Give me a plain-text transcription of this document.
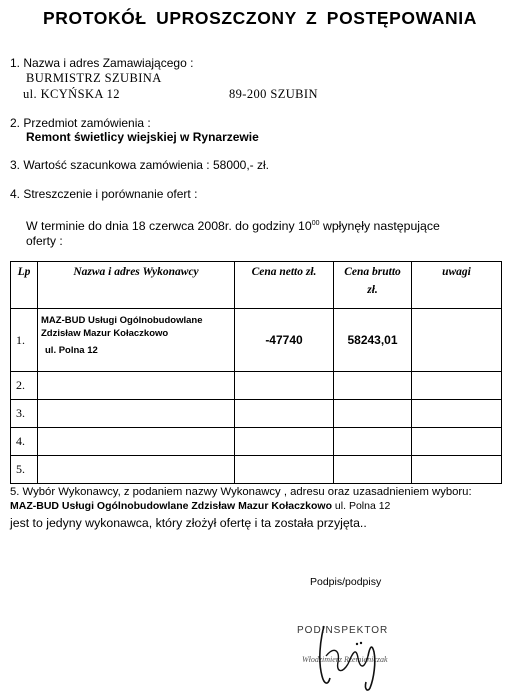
PROTOKÓŁ UPROSZCZONY Z POSTĘPOWANIA
1. Nazwa i adres Zamawiającego :
BURMISTRZ SZUBINA
ul. KCYŃSKA 12	89-200 SZUBIN
2. Przedmiot zamówienia :
Remont świetlicy wiejskiej w Rynarzewie
3. Wartość szacunkowa zamówienia : 58000,- zł.
4. Streszczenie i porównanie ofert :
W terminie do dnia 18 czerwca 2008r. do godziny $10^{00}$ wpłynęły następujące
oferty :
Lp	Nazwa i adres Wykonawcy	Cena netto zł.	Cena brutto
zł.	uwagi
1.	MAZ-BUD Usługi Ogólnobudowlane
Zdzisław Mazur Kołaczkowo
ul. Polna 12	-47740	58243,01	
2.				
3.				
4.				
5.				
5. Wybór Wykonawcy, z podaniem nazwy Wykonawcy , adresu oraz uzasadnieniem wyboru:
MAZ-BUD Usługi Ogólnobudowlane Zdzisław Mazur Kołaczkowo ul. Polna 12
jest to jedyny wykonawca, który złożył ofertę i ta została przyjęta..
Podpis/podpisy
PODINSPEKTOR
Włodzimierz Rzemieniczak
